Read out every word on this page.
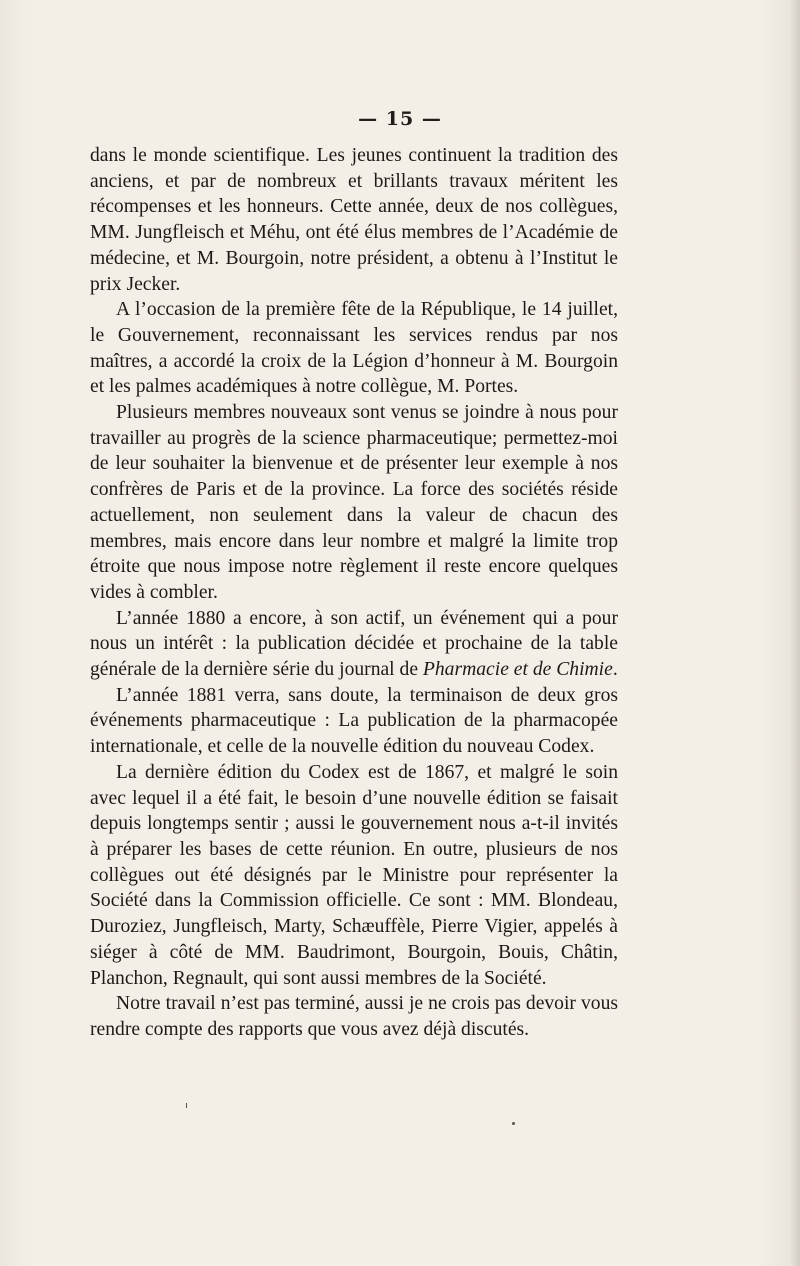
— 15 —

dans le monde scientifique. Les jeunes continuent la tradition des anciens, et par de nombreux et brillants travaux méritent les récompenses et les honneurs. Cette année, deux de nos collègues, MM. Jungfleisch et Méhu, ont été élus membres de l’Académie de médecine, et M. Bourgoin, notre président, a obtenu à l’Institut le prix Jecker.

A l’occasion de la première fête de la République, le 14 juillet, le Gouvernement, reconnaissant les services rendus par nos maîtres, a accordé la croix de la Légion d’honneur à M. Bourgoin et les palmes académiques à notre collègue, M. Portes.

Plusieurs membres nouveaux sont venus se joindre à nous pour travailler au progrès de la science pharmaceutique; permettez-moi de leur souhaiter la bienvenue et de présenter leur exemple à nos confrères de Paris et de la province. La force des sociétés réside actuellement, non seulement dans la valeur de chacun des membres, mais encore dans leur nombre et malgré la limite trop étroite que nous impose notre règlement il reste encore quelques vides à combler.

L’année 1880 a encore, à son actif, un événement qui a pour nous un intérêt : la publication décidée et prochaine de la table générale de la dernière série du journal de Pharmacie et de Chimie.

L’année 1881 verra, sans doute, la terminaison de deux gros événements pharmaceutique : La publication de la pharmacopée internationale, et celle de la nouvelle édition du nouveau Codex.

La dernière édition du Codex est de 1867, et malgré le soin avec lequel il a été fait, le besoin d’une nouvelle édition se faisait depuis longtemps sentir ; aussi le gouvernement nous a-t-il invités à préparer les bases de cette réunion. En outre, plusieurs de nos collègues out été désignés par le Ministre pour représenter la Société dans la Commission officielle. Ce sont : MM. Blondeau, Duroziez, Jungfleisch, Marty, Schæuffèle, Pierre Vigier, appelés à siéger à côté de MM. Baudrimont, Bourgoin, Bouis, Châtin, Planchon, Regnault, qui sont aussi membres de la Société.

Notre travail n’est pas terminé, aussi je ne crois pas devoir vous rendre compte des rapports que vous avez déjà discutés.
